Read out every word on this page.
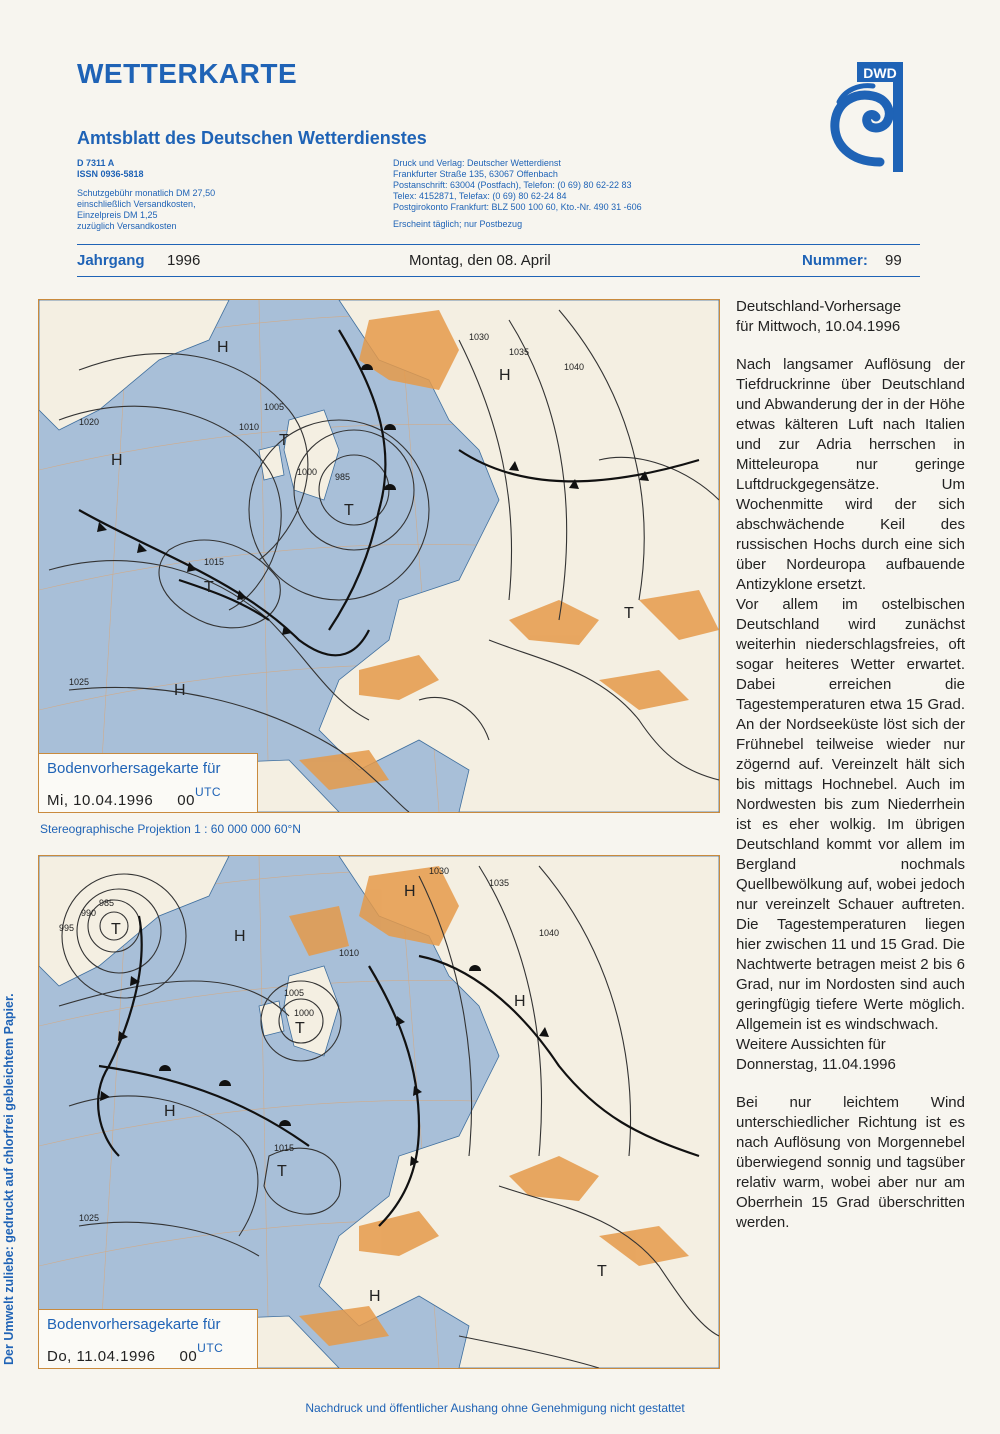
WETTERKARTE
Amtsblatt des Deutschen Wetterdienstes
D 7311 A
ISSN 0936-5818
Schutzgebühr monatlich DM 27,50
einschließlich Versandkosten,
Einzelpreis DM 1,25
zuzüglich Versandkosten
Druck und Verlag: Deutscher Wetterdienst
Frankfurter Straße 135, 63067 Offenbach
Postanschrift: 63004 (Postfach), Telefon: (0 69) 80 62-22 83
Telex: 4152871, Telefax: (0 69) 80 62-24 84
Postgirokonto Frankfurt: BLZ 500 100 60, Kto.-Nr. 490 31 -606
Erscheint täglich; nur Postbezug
DWD
Jahrgang 1996	Montag, den 08. April	Nummer: 99
H
H
H
T
T
T
H
T
1000 985
1005
1010
1015
1020
1025
1030
1035
1040
Bodenvorhersagekarte für
Mi, 10.04.1996 $00^{UTC}$
Stereographische Projektion 1 : 60 000 000 60°N
T	H
H
T
H
T
H
T
H
985
990
995
1000
1005
1010
1015
1025
1030
1035
1040
Bodenvorhersagekarte für
Do, 11.04.1996 $00^{UTC}$

Deutschland-Vorhersage

für Mittwoch, 10.04.1996

Nach langsamer Auflösung der Tiefdruckrinne über Deutschland und Abwanderung der in der Höhe etwas kälteren Luft nach Italien und zur Adria herrschen in Mitteleuropa nur geringe Luftdruckgegensätze. Um Wochenmitte wird der sich abschwächende Keil des russischen Hochs durch eine sich über Nordeuropa aufbauende Antizyklone ersetzt.

Vor allem im ostelbischen Deutschland wird zunächst weiterhin niederschlagsfreies, oft sogar heiteres Wetter erwartet. Dabei erreichen die Tagestemperaturen etwa 15 Grad. An der Nordseeküste löst sich der Frühnebel teilweise wieder nur zögernd auf. Vereinzelt hält sich bis mittags Hochnebel. Auch im Nordwesten bis zum Niederrhein ist es eher wolkig. Im übrigen Deutschland kommt vor allem im Bergland nochmals Quellbewölkung auf, wobei jedoch nur vereinzelt Schauer auftreten. Die Tagestemperaturen liegen hier zwischen 11 und 15 Grad. Die Nachtwerte betragen meist 2 bis 6 Grad, nur im Nordosten sind auch geringfügig tiefere Werte möglich. Allgemein ist es windschwach.

Weitere Aussichten für

Donnerstag, 11.04.1996

Bei nur leichtem Wind unterschiedlicher Richtung ist es nach Auflösung von Morgennebel überwiegend sonnig und tagsüber relativ warm, wobei aber nur am Oberrhein 15 Grad überschritten werden.

Der Umwelt zuliebe: gedruckt auf chlorfrei gebleichtem Papier.
Nachdruck und öffentlicher Aushang ohne Genehmigung nicht gestattet
